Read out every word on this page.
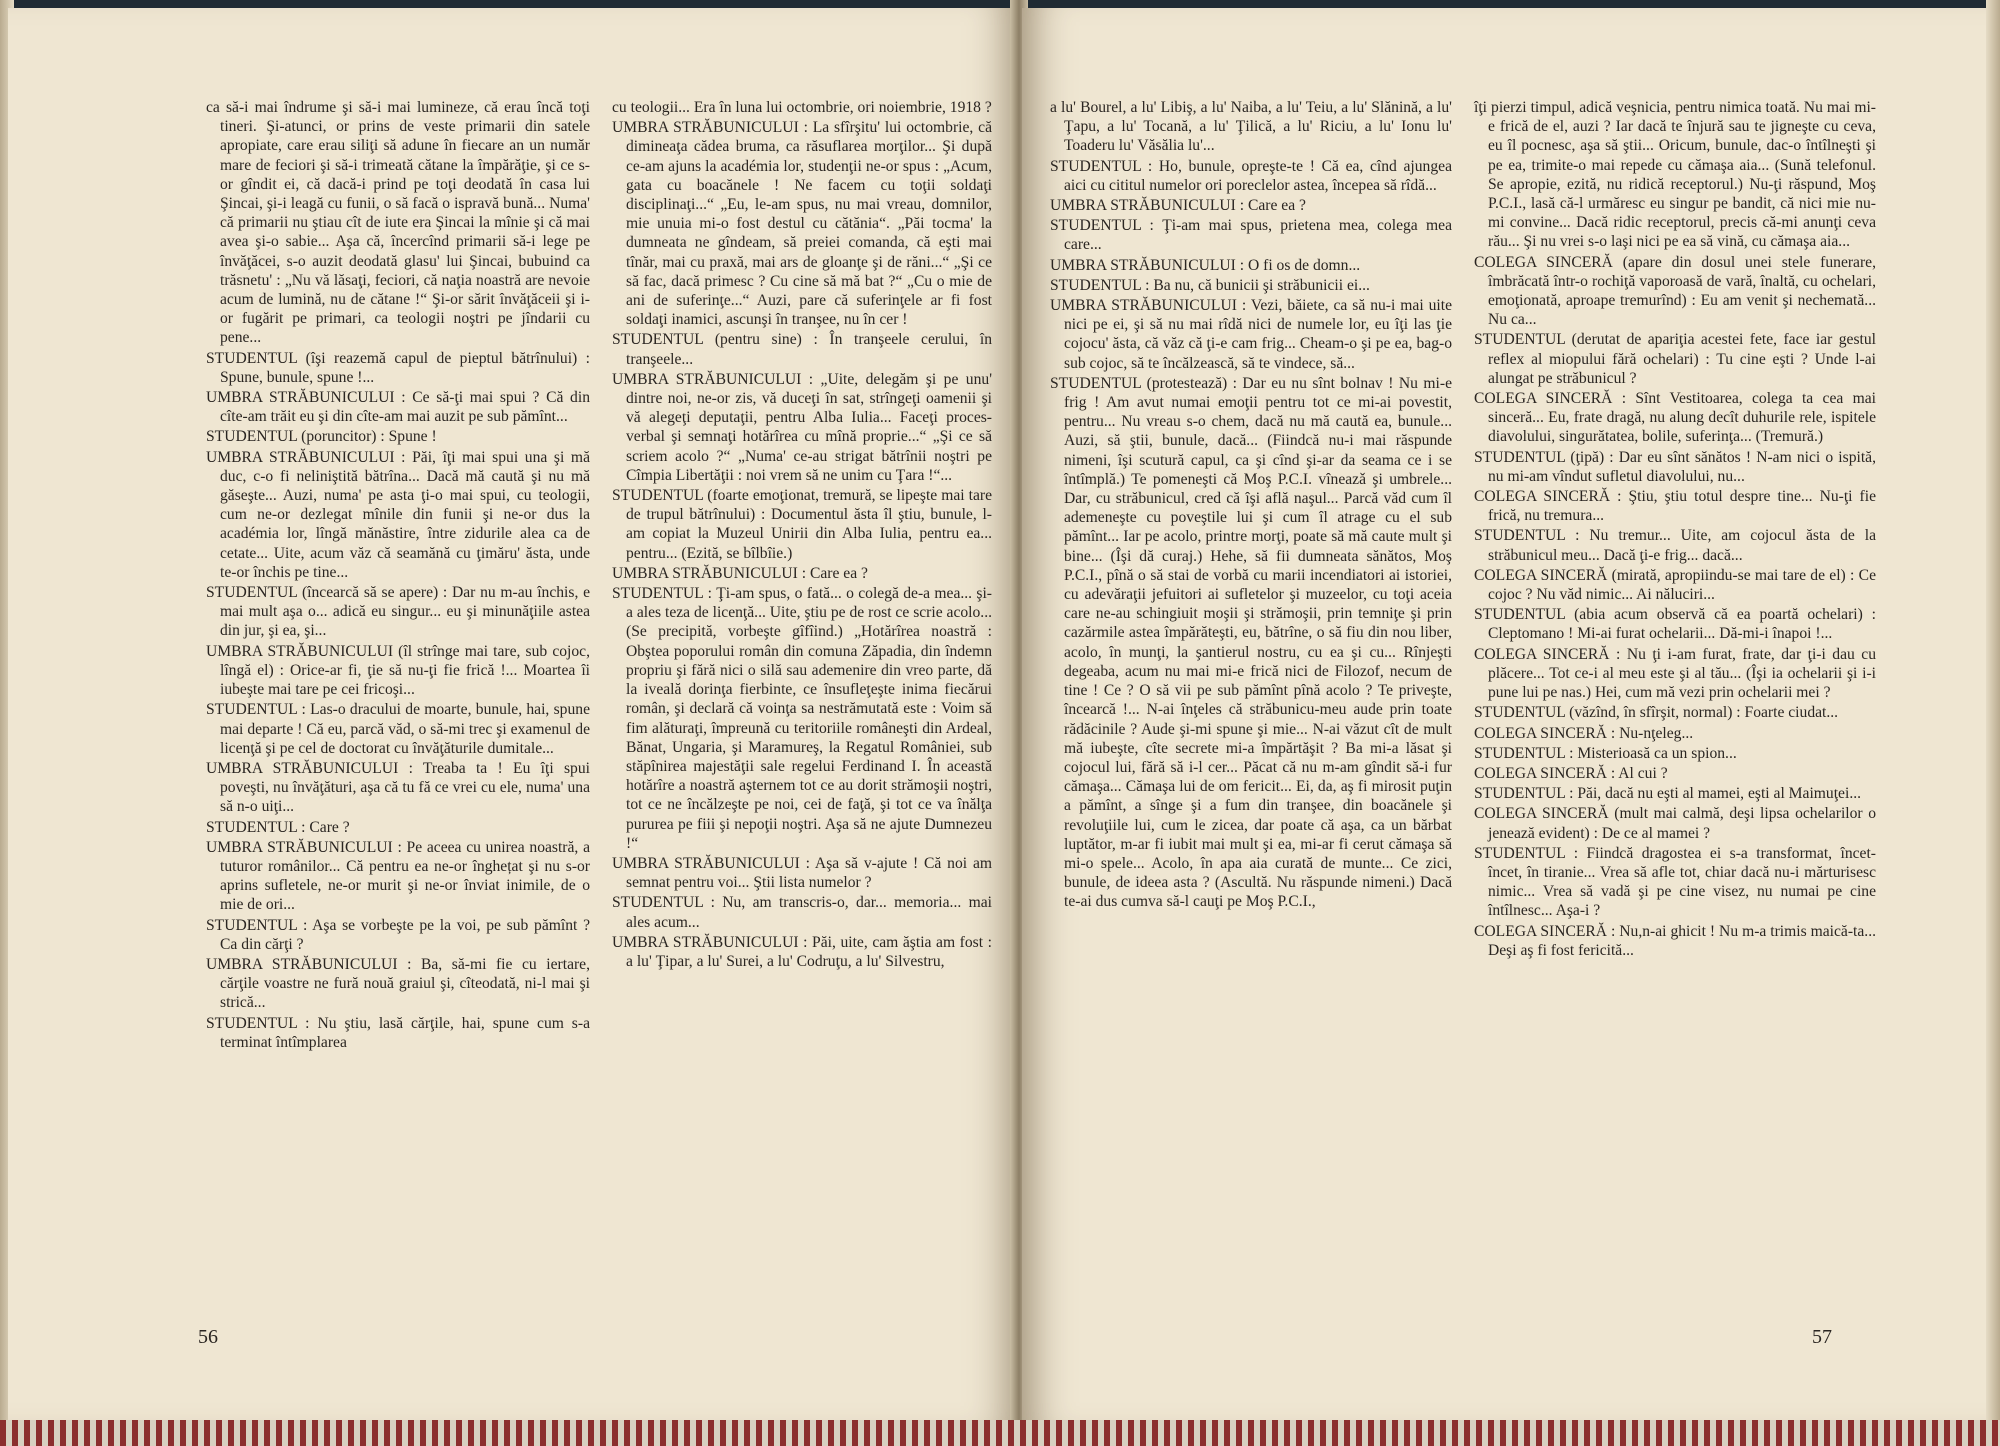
ca să-i mai îndrume şi să-i mai lumineze, că erau încă toţi tineri. Şi-atunci, or prins de veste primarii din satele apropiate, care erau siliţi să adune în fiecare an un număr mare de feciori şi să-i trimeată cătane la împărăţie, şi ce s-or gîndit ei, că dacă-i prind pe toţi deodată în casa lui Şincai, şi-i leagă cu funii, o să facă o ispravă bună... Numa' că primarii nu ştiau cît de iute era Şincai la mînie şi că mai avea şi-o sabie... Aşa că, încercînd primarii să-i lege pe învăţăcei, s-o auzit deodată glasu' lui Şincai, bubuind ca trăsnetu' : „Nu vă lăsaţi, feciori, că naţia noastră are nevoie acum de lumină, nu de cătane !“ Şi-or sărit învăţăceii şi i-or fugărit pe primari, ca teologii noştri pe jîndarii cu pene...

STUDENTUL (îşi reazemă capul de pieptul bătrînului) : Spune, bunule, spune !...

UMBRA STRĂBUNICULUI : Ce să-ţi mai spui ? Că din cîte-am trăit eu şi din cîte-am mai auzit pe sub pămînt...

STUDENTUL (poruncitor) : Spune !

UMBRA STRĂBUNICULUI : Păi, îţi mai spui una şi mă duc, c-o fi neliniştită bătrîna... Dacă mă caută şi nu mă găseşte... Auzi, numa' pe asta ţi-o mai spui, cu teologii, cum ne-or dezlegat mînile din funii şi ne-or dus la académia lor, lîngă mănăstire, între zidurile alea ca de cetate... Uite, acum văz că seamănă cu ţimăru' ăsta, unde te-or închis pe tine...

STUDENTUL (încearcă să se apere) : Dar nu m-au închis, e mai mult aşa o... adică eu singur... eu şi minunăţiile astea din jur, şi ea, şi...

UMBRA STRĂBUNICULUI (îl strînge mai tare, sub cojoc, lîngă el) : Orice-ar fi, ţie să nu-ţi fie frică !... Moartea îi iubeşte mai tare pe cei fricoşi...

STUDENTUL : Las-o dracului de moarte, bunule, hai, spune mai departe ! Că eu, parcă văd, o să-mi trec şi examenul de licenţă şi pe cel de doctorat cu învăţăturile dumitale...

UMBRA STRĂBUNICULUI : Treaba ta ! Eu îţi spui poveşti, nu învăţături, aşa că tu fă ce vrei cu ele, numa' una să n-o uiţi...

STUDENTUL : Care ?

UMBRA STRĂBUNICULUI : Pe aceea cu unirea noastră, a tuturor românilor... Că pentru ea ne-or înghețat şi nu s-or aprins sufletele, ne-or murit şi ne-or înviat inimile, de o mie de ori...

STUDENTUL : Aşa se vorbeşte pe la voi, pe sub pămînt ? Ca din cărţi ?

UMBRA STRĂBUNICULUI : Ba, să-mi fie cu iertare, cărţile voastre ne fură nouă graiul şi, cîteodată, ni-l mai şi strică...

STUDENTUL : Nu ştiu, lasă cărţile, hai, spune cum s-a terminat întîmplarea

cu teologii... Era în luna lui octombrie, ori noiembrie, 1918 ?

UMBRA STRĂBUNICULUI : La sfîrşitu' lui octombrie, că dimineaţa cădea bruma, ca răsuflarea morţilor... Şi după ce-am ajuns la académia lor, studenţii ne-or spus : „Acum, gata cu boacănele ! Ne facem cu toţii soldaţi disciplinaţi...“ „Eu, le-am spus, nu mai vreau, domnilor, mie unuia mi-o fost destul cu cătănia“. „Păi tocma' la dumneata ne gîndeam, să preiei comanda, că eşti mai tînăr, mai cu praxă, mai ars de gloanţe şi de răni...“ „Şi ce să fac, dacă primesc ? Cu cine să mă bat ?“ „Cu o mie de ani de suferinţe...“ Auzi, pare că suferinţele ar fi fost soldaţi inamici, ascunşi în tranşee, nu în cer !

STUDENTUL (pentru sine) : În tranşeele cerului, în tranşeele...

UMBRA STRĂBUNICULUI : „Uite, delegăm şi pe unu' dintre noi, ne-or zis, vă duceţi în sat, strîngeţi oamenii şi vă alegeţi deputaţii, pentru Alba Iulia... Faceţi proces-verbal şi semnaţi hotărîrea cu mînă proprie...“ „Şi ce să scriem acolo ?“ „Numa' ce-au strigat bătrînii noştri pe Cîmpia Libertăţii : noi vrem să ne unim cu Ţara !“...

STUDENTUL (foarte emoţionat, tremură, se lipeşte mai tare de trupul bătrînului) : Documentul ăsta îl ştiu, bunule, l-am copiat la Muzeul Unirii din Alba Iulia, pentru ea... pentru... (Ezită, se bîlbîie.)

UMBRA STRĂBUNICULUI : Care ea ?

STUDENTUL : Ţi-am spus, o fată... o colegă de-a mea... şi-a ales teza de licenţă... Uite, ştiu pe de rost ce scrie acolo... (Se precipită, vorbeşte gîfîind.) „Hotărîrea noastră : Obştea poporului român din comuna Zăpadia, din îndemn propriu şi fără nici o silă sau ademenire din vreo parte, dă la iveală dorinţa fierbinte, ce însufleţeşte inima fiecărui român, şi declară că voinţa sa nestrămutată este : Voim să fim alăturaţi, împreună cu teritoriile româneşti din Ardeal, Bănat, Ungaria, şi Maramureş, la Regatul României, sub stăpînirea majestăţii sale regelui Ferdinand I. În această hotărîre a noastră aşternem tot ce au dorit strămoşii noştri, tot ce ne încălzeşte pe noi, cei de faţă, şi tot ce va înălţa pururea pe fiii şi nepoţii noştri. Aşa să ne ajute Dumnezeu !“

UMBRA STRĂBUNICULUI : Aşa să v-ajute ! Că noi am semnat pentru voi... Ştii lista numelor ?

STUDENTUL : Nu, am transcris-o, dar... memoria... mai ales acum...

UMBRA STRĂBUNICULUI : Păi, uite, cam ăştia am fost : a lu' Ţipar, a lu' Surei, a lu' Codruţu, a lu' Silvestru,

56

a lu' Bourel, a lu' Libiş, a lu' Naiba, a lu' Teiu, a lu' Slănină, a lu' Ţapu, a lu' Tocană, a lu' Ţilică, a lu' Riciu, a lu' Ionu lu' Toaderu lu' Văsălia lu'...

STUDENTUL : Ho, bunule, opreşte-te ! Că ea, cînd ajungea aici cu cititul numelor ori poreclelor astea, începea să rîdă...

UMBRA STRĂBUNICULUI : Care ea ?

STUDENTUL : Ţi-am mai spus, prietena mea, colega mea care...

UMBRA STRĂBUNICULUI : O fi os de domn...

STUDENTUL : Ba nu, că bunicii şi străbunicii ei...

UMBRA STRĂBUNICULUI : Vezi, băiete, ca să nu-i mai uite nici pe ei, şi să nu mai rîdă nici de numele lor, eu îţi las ţie cojocu' ăsta, că văz că ţi-e cam frig... Cheam-o şi pe ea, bag-o sub cojoc, să te încălzească, să te vindece, să...

STUDENTUL (protestează) : Dar eu nu sînt bolnav ! Nu mi-e frig ! Am avut numai emoţii pentru tot ce mi-ai povestit, pentru... Nu vreau s-o chem, dacă nu mă caută ea, bunule... Auzi, să ştii, bunule, dacă... (Fiindcă nu-i mai răspunde nimeni, îşi scutură capul, ca şi cînd şi-ar da seama ce i se întîmplă.) Te pomeneşti că Moş P.C.I. vîneazǎ şi umbrele... Dar, cu străbunicul, cred că îşi află naşul... Parcă văd cum îl ademeneşte cu poveştile lui şi cum îl atrage cu el sub pămînt... Iar pe acolo, printre morţi, poate să mă caute mult şi bine... (Îşi dă curaj.) Hehe, să fii dumneata sănătos, Moş P.C.I., pînă o să stai de vorbă cu marii incendiatori ai istoriei, cu adevăraţii jefuitori ai sufletelor şi muzeelor, cu toţi aceia care ne-au schingiuit moşii şi strămoşii, prin temniţe şi prin cazărmile astea împărăteşti, eu, bătrîne, o să fiu din nou liber, acolo, în munţi, la şantierul nostru, cu ea şi cu... Rînjeşti degeaba, acum nu mai mi-e frică nici de Filozof, necum de tine ! Ce ? O să vii pe sub pămînt pînă acolo ? Te priveşte, încearcă !... N-ai înţeles că străbunicu-meu aude prin toate rădăcinile ? Aude şi-mi spune şi mie... N-ai văzut cît de mult mă iubeşte, cîte secrete mi-a împărtăşit ? Ba mi-a lăsat şi cojocul lui, fără să i-l cer... Păcat că nu m-am gîndit să-i fur cămaşa... Cămaşa lui de om fericit... Ei, da, aş fi mirosit puţin a pămînt, a sînge şi a fum din tranşee, din boacănele şi revoluţiile lui, cum le zicea, dar poate că aşa, ca un bărbat luptător, m-ar fi iubit mai mult şi ea, mi-ar fi cerut cămaşa să mi-o spele... Acolo, în apa aia curată de munte... Ce zici, bunule, de ideea asta ? (Ascultă. Nu răspunde nimeni.) Dacă te-ai dus cumva să-l cauţi pe Moş P.C.I.,

îţi pierzi timpul, adică veşnicia, pentru nimica toată. Nu mai mi-e frică de el, auzi ? Iar dacă te înjură sau te jigneşte cu ceva, eu îl pocnesc, aşa să ştii... Oricum, bunule, dac-o întîlneşti şi pe ea, trimite-o mai repede cu cămaşa aia... (Sună telefonul. Se apropie, ezită, nu ridică receptorul.) Nu-ţi răspund, Moş P.C.I., lasă că-l urmăresc eu singur pe bandit, că nici mie nu-mi convine... Dacă ridic receptorul, precis că-mi anunţi ceva rău... Şi nu vrei s-o laşi nici pe ea să vină, cu cămaşa aia...

COLEGA SINCERĂ (apare din dosul unei stele funerare, îmbrăcată într-o rochiţă vaporoasă de vară, înaltă, cu ochelari, emoţionată, aproape tremurînd) : Eu am venit şi nechemată... Nu ca...

STUDENTUL (derutat de apariţia acestei fete, face iar gestul reflex al miopului fără ochelari) : Tu cine eşti ? Unde l-ai alungat pe străbunicul ?

COLEGA SINCERĂ : Sînt Vestitoarea, colega ta cea mai sinceră... Eu, frate dragă, nu alung decît duhurile rele, ispitele diavolului, singurătatea, bolile, suferinţa... (Tremură.)

STUDENTUL (ţipă) : Dar eu sînt sănătos ! N-am nici o ispită, nu mi-am vîndut sufletul diavolului, nu...

COLEGA SINCERĂ : Ştiu, ştiu totul despre tine... Nu-ţi fie frică, nu tremura...

STUDENTUL : Nu tremur... Uite, am cojocul ăsta de la străbunicul meu... Dacă ţi-e frig... dacă...

COLEGA SINCERĂ (mirată, apropiindu-se mai tare de el) : Ce cojoc ? Nu văd nimic... Ai năluciri...

STUDENTUL (abia acum observă că ea poartă ochelari) : Cleptomano ! Mi-ai furat ochelarii... Dă-mi-i înapoi !...

COLEGA SINCERĂ : Nu ţi i-am furat, frate, dar ţi-i dau cu plăcere... Tot ce-i al meu este şi al tău... (Îşi ia ochelarii şi i-i pune lui pe nas.) Hei, cum mă vezi prin ochelarii mei ?

STUDENTUL (văzînd, în sfîrşit, normal) : Foarte ciudat...

COLEGA SINCERĂ : Nu-nţeleg...

STUDENTUL : Misterioasă ca un spion...

COLEGA SINCERĂ : Al cui ?

STUDENTUL : Păi, dacă nu eşti al mamei, eşti al Maimuţei...

COLEGA SINCERĂ (mult mai calmă, deşi lipsa ochelarilor o jenează evident) : De ce al mamei ?

STUDENTUL : Fiindcă dragostea ei s-a transformat, încet-încet, în tiranie... Vrea să afle tot, chiar dacă nu-i mărturisesc nimic... Vrea să vadă şi pe cine visez, nu numai pe cine întîlnesc... Aşa-i ?

COLEGA SINCERĂ : Nu,n-ai ghicit ! Nu m-a trimis maică-ta... Deşi aş fi fost fericită...

57
